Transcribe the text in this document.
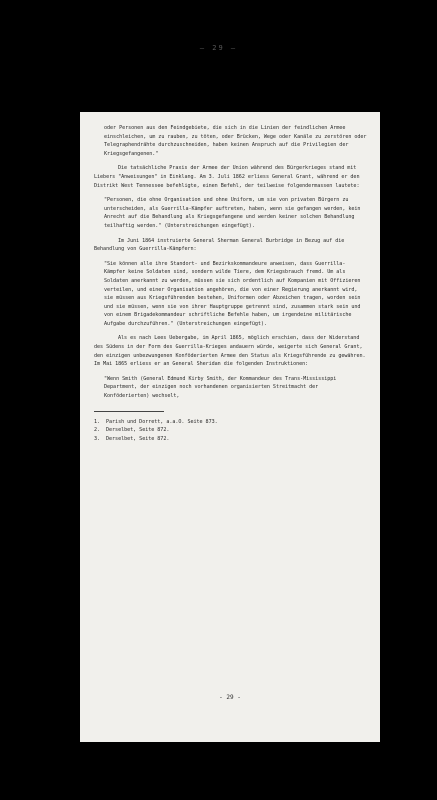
— 29 —

oder Personen aus den Feindgebiete, die sich in die Linien der feindlichen Armee einschleichen, um zu rauben, zu töten, oder Brücken, Wege oder Kanäle zu zerstören oder Telegraphendrähte durchzuschneiden, haben keinen Anspruch auf die Privilegien der Kriegsgefangenen."

Die tatsächliche Praxis der Armee der Union während des Bürgerkrieges stand mit Liebers "Anweisungen" in Einklang. Am 3. Juli 1862 erliess General Grant, während er den Distrikt West Tennessee befehligte, einen Befehl, der teilweise folgendermassen lautete:

"Personen, die ohne Organisation und ohne Uniform, um sie von privaten Bürgern zu unterscheiden, als Guerrilla-Kämpfer auftreten, haben, wenn sie gefangen werden, kein Anrecht auf die Behandlung als Kriegsgefangene und werden keiner solchen Behandlung teilhaftig werden." (Unterstreichungen eingefügt).

Im Juni 1864 instruierte General Sherman General Burbridge in Bezug auf die Behandlung von Guerrilla-Kämpfern:

"Sie können alle ihre Standort- und Bezirkskommandeure anweisen, dass Guerrilla-Kämpfer keine Soldaten sind, sondern wilde Tiere, dem Kriegsbrauch fremd. Um als Soldaten anerkannt zu werden, müssen sie sich ordentlich auf Kompanien mit Offizieren verteilen, und einer Organisation angehören, die von einer Regierung anerkannt wird, sie müssen aus Kriegsführenden bestehen, Uniformen oder Abzeichen tragen, worden sein und sie müssen, wenn sie von ihrer Hauptgruppe getrennt sind, zusammen stark sein und von einem Brigadekommandeur schriftliche Befehle haben, um irgendeine militärische Aufgabe durchzuführen." (Unterstreichungen eingefügt).

Als es nach Lees Uebergabe, im April 1865, möglich erschien, dass der Widerstand des Südens in der Form des Guerrilla-Krieges andauern würde, weigerte sich General Grant, den einzigen unbezwungenen Konföderierten Armee den Status als Kriegsführende zu gewähren. Im Mai 1865 erliess er an General Sheridan die folgenden Instruktionen:

"Wenn Smith (General Edmund Kirby Smith, der Kommandeur des Trans-Mississippi Department, der einzigen noch vorhandenen organisierten Streitmacht der Konföderierten) wechselt,

1.	Parish und Dorrett, a.a.O. Seite 873.
2.	Derselbet, Seite 872.
3.	Derselbet, Seite 872.
- 29 -
